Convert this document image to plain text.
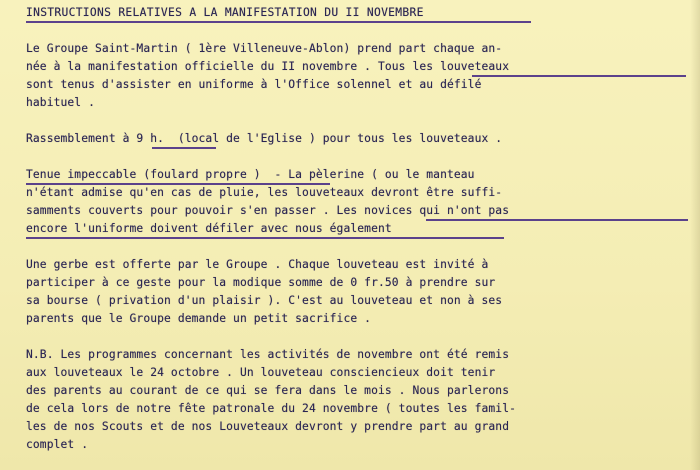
INSTRUCTIONS RELATIVES A LA MANIFESTATION DU II NOVEMBRE

Le Groupe Saint-Martin ( 1ère Villeneuve-Ablon) prend part chaque an-

née à la manifestation officielle du II novembre . Tous les louveteaux

sont tenus d'assister en uniforme à l'Office solennel et au défilé

habituel .

Rassemblement à 9 h.  (local de l'Eglise ) pour tous les louveteaux .

Tenue impeccable (foulard propre )  - La pèlerine ( ou le manteau

n'étant admise qu'en cas de pluie, les louveteaux devront être suffi-

samments couverts pour pouvoir s'en passer . Les novices qui n'ont pas

encore l'uniforme doivent défiler avec nous également

Une gerbe est offerte par le Groupe . Chaque louveteau est invité à

participer à ce geste pour la modique somme de 0 fr.50 à prendre sur

sa bourse ( privation d'un plaisir ). C'est au louveteau et non à ses

parents que le Groupe demande un petit sacrifice .

N.B. Les programmes concernant les activités de novembre ont été remis

aux louveteaux le 24 octobre . Un louveteau consciencieux doit tenir

des parents au courant de ce qui se fera dans le mois . Nous parlerons

de cela lors de notre fête patronale du 24 novembre ( toutes les famil-

les de nos Scouts et de nos Louveteaux devront y prendre part au grand

complet .
